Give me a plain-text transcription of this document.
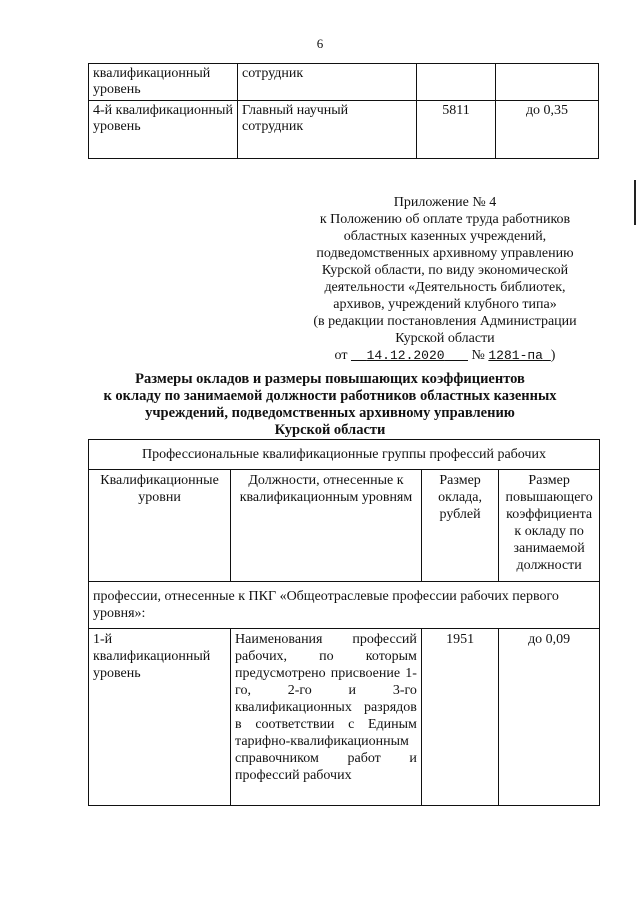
6
квалификационный уровень	сотрудник		
4-й квалификационный уровень	Главный научный сотрудник	5811	до 0,35
Приложение № 4
к Положению об оплате труда работников
областных казенных учреждений,
подведомственных архивному управлению
Курской области, по виду экономической
деятельности «Деятельность библиотек,
архивов, учреждений клубного типа»
(в редакции постановления Администрации
Курской области
от 14.12.2020 № 1281-па )
Размеры окладов и размеры повышающих коэффициентов
к окладу по занимаемой должности работников областных казенных
учреждений, подведомственных архивному управлению
Курской области
Профессиональные квалификационные группы профессий рабочих			
Квалификационные уровни	Должности, отнесенные к квалификационным уровням	Размер оклада, рублей	Размер повышающего коэффициента к окладу по занимаемой должности
профессии, отнесенные к ПКГ «Общеотраслевые профессии рабочих первого уровня»:			
1-й квалификационный уровень	Наименования профессий рабочих, по которым предусмотрено присвоение 1-го, 2-го и 3-го квалификационных разрядов в соответствии с Единым тарифно-квалификационным справочником работ и профессий рабочих	1951	до 0,09
